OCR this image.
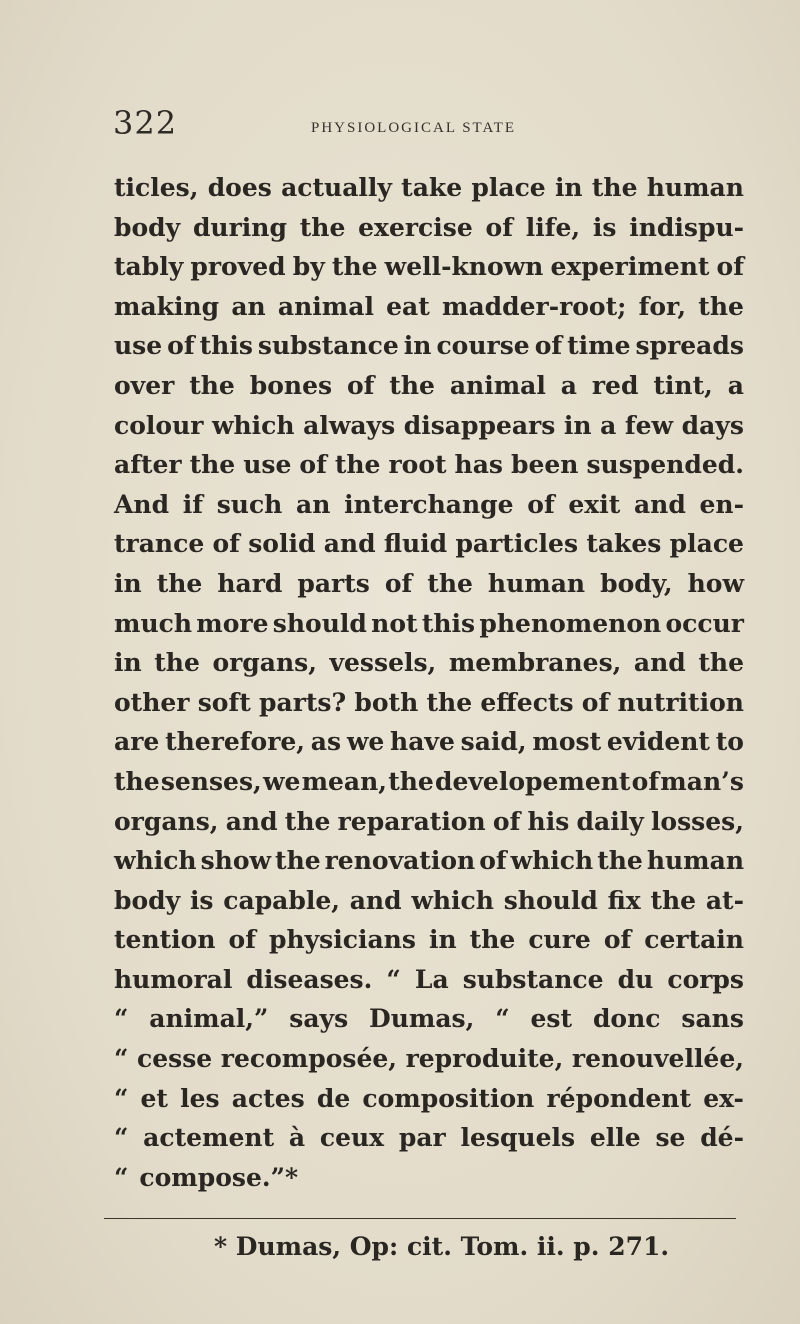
322	PHYSIOLOGICAL STATE
ticles, does actually take place in the human
body during the exercise of life, is indispu-
tably proved by the well-known experiment of
making an animal eat madder-root; for, the
use of this substance in course of time spreads
over the bones of the animal a red tint, a
colour which always disappears in a few days
after the use of the root has been suspended.
And if such an interchange of exit and en-
trance of solid and fluid particles takes place
in the hard parts of the human body, how
much more should not this phenomenon occur
in the organs, vessels, membranes, and the
other soft parts? both the effects of nutrition
are therefore, as we have said, most evident to
the senses, we mean, the developement of man’s
organs, and the reparation of his daily losses,
which show the renovation of which the human
body is capable, and which should fix the at-
tention of physicians in the cure of certain
humoral diseases. “ La substance du corps
“ animal,” says Dumas, “ est donc sans
“ cesse recomposée, reproduite, renouvellée,
“ et les actes de composition répondent ex-
“ actement à ceux par lesquels elle se dé-
“ compose.”*
* Dumas, Op: cit. Tom. ii. p. 271.
